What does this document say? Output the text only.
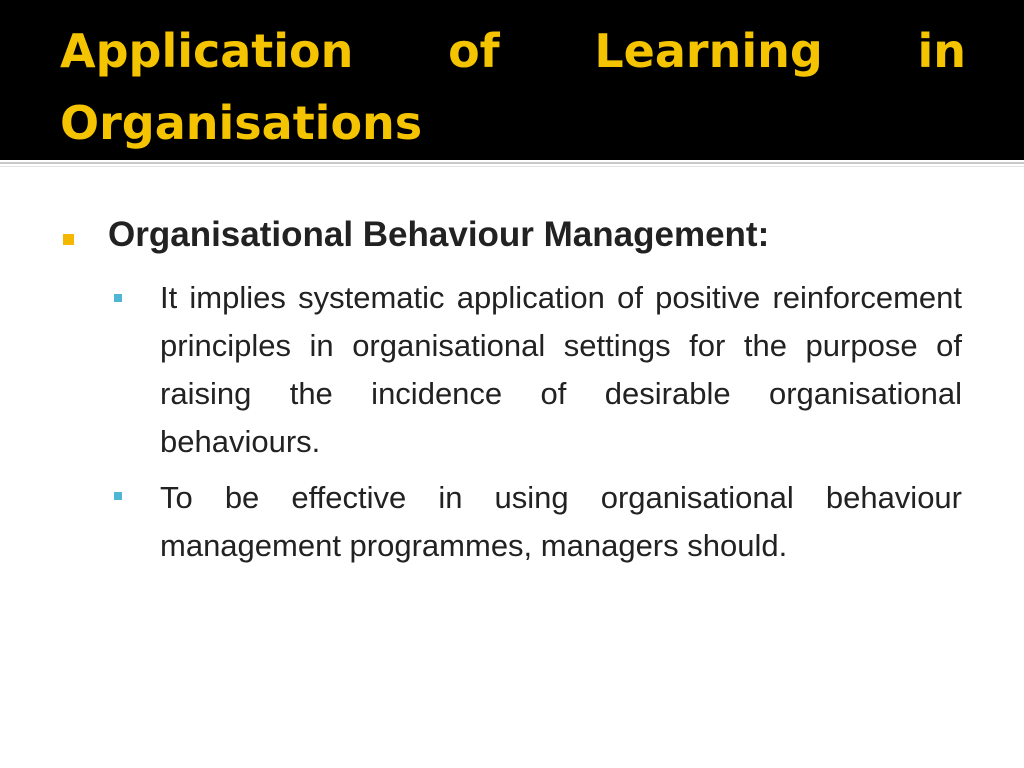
Application of Learning in
Organisations
Organisational Behaviour Management:
It implies systematic application of positive reinforcement principles in organisational settings for the purpose of raising the incidence of desirable organisational behaviours.
To be effective in using organisational behaviour management programmes, managers should.
